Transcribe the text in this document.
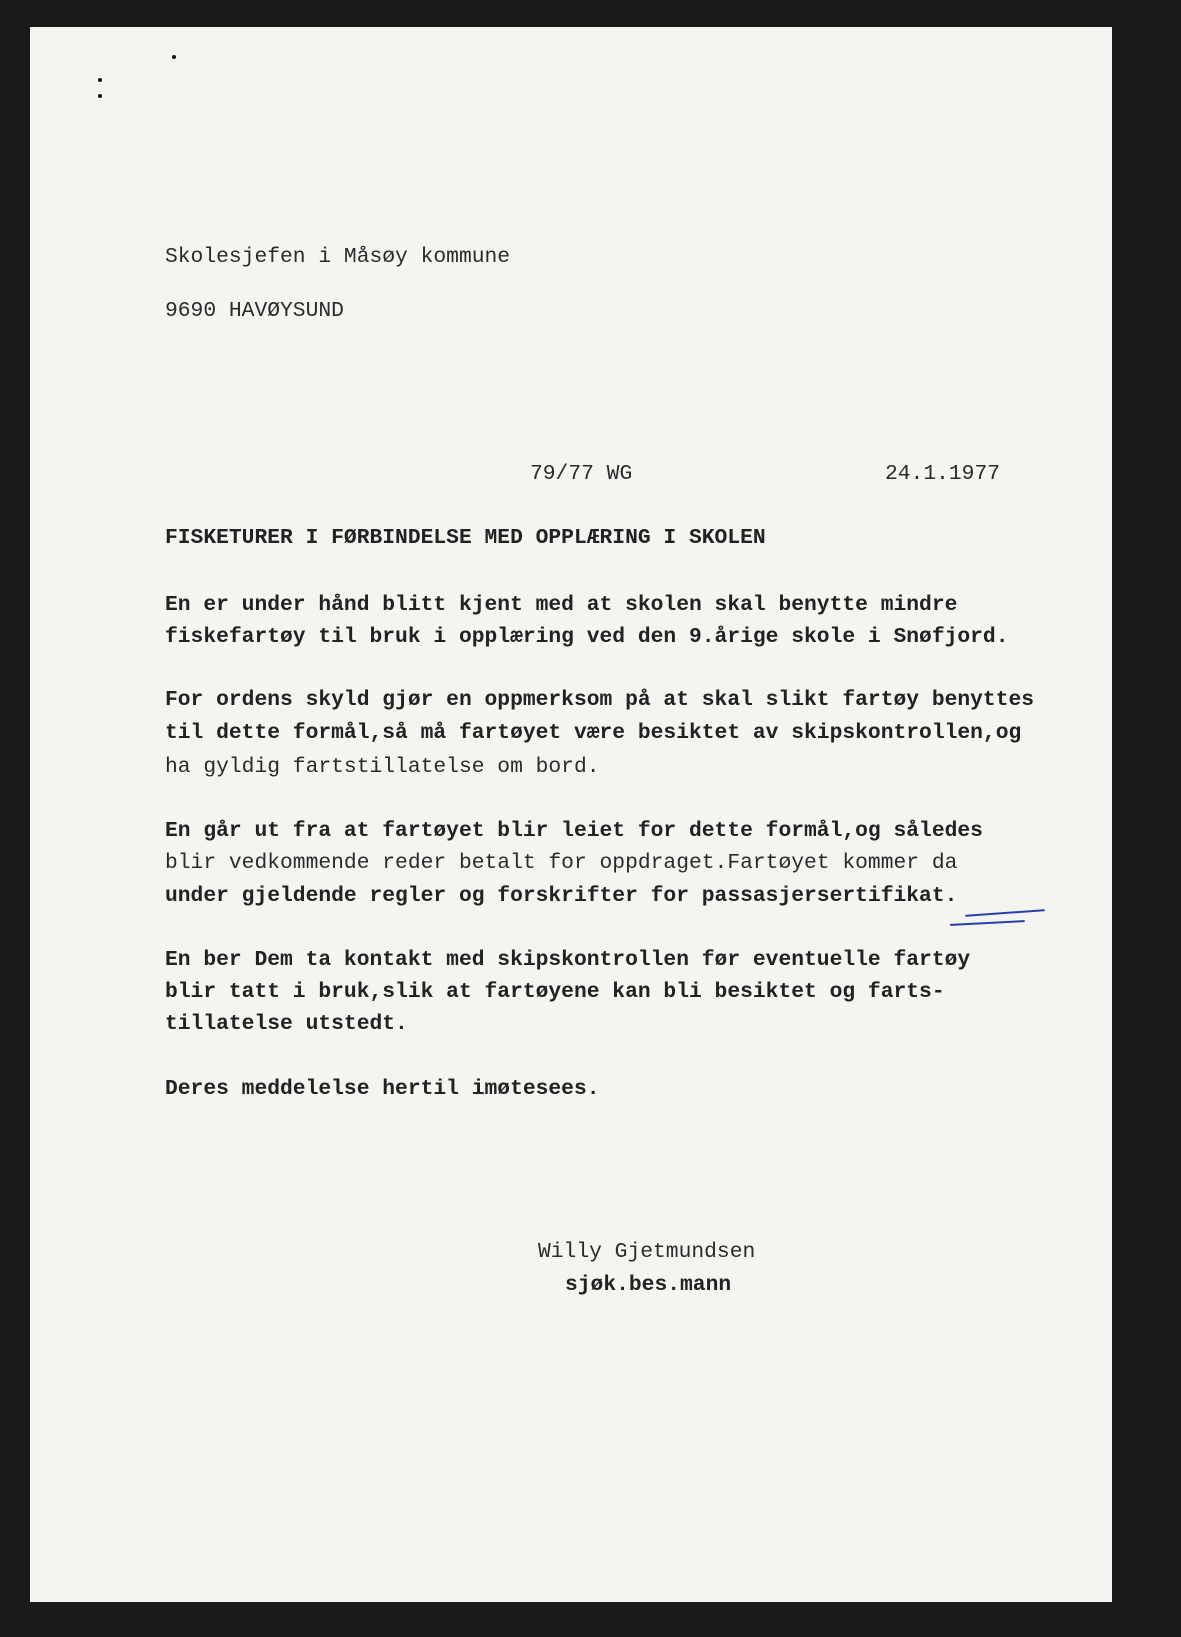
Skolesjefen i Måsøy kommune
9690 HAVØYSUND
79/77 WG	24.1.1977
FISKETURER I FØRBINDELSE MED OPPLÆRING I SKOLEN
En er under hånd blitt kjent med at skolen skal benytte mindre
fiskefartøy til bruk i opplæring ved den 9.årige skole i Snøfjord.
For ordens skyld gjør en oppmerksom på at skal slikt fartøy benyttes
til dette formål,så må fartøyet være besiktet av skipskontrollen,og
ha gyldig fartstillatelse om bord.
En går ut fra at fartøyet blir leiet for dette formål,og således
blir vedkommende reder betalt for oppdraget.Fartøyet kommer da
under gjeldende regler og forskrifter for passasjersertifikat.
En ber Dem ta kontakt med skipskontrollen før eventuelle fartøy
blir tatt i bruk,slik at fartøyene kan bli besiktet og farts-
tillatelse utstedt.
Deres meddelelse hertil imøtesees.
Willy Gjetmundsen
sjøk.bes.mann
